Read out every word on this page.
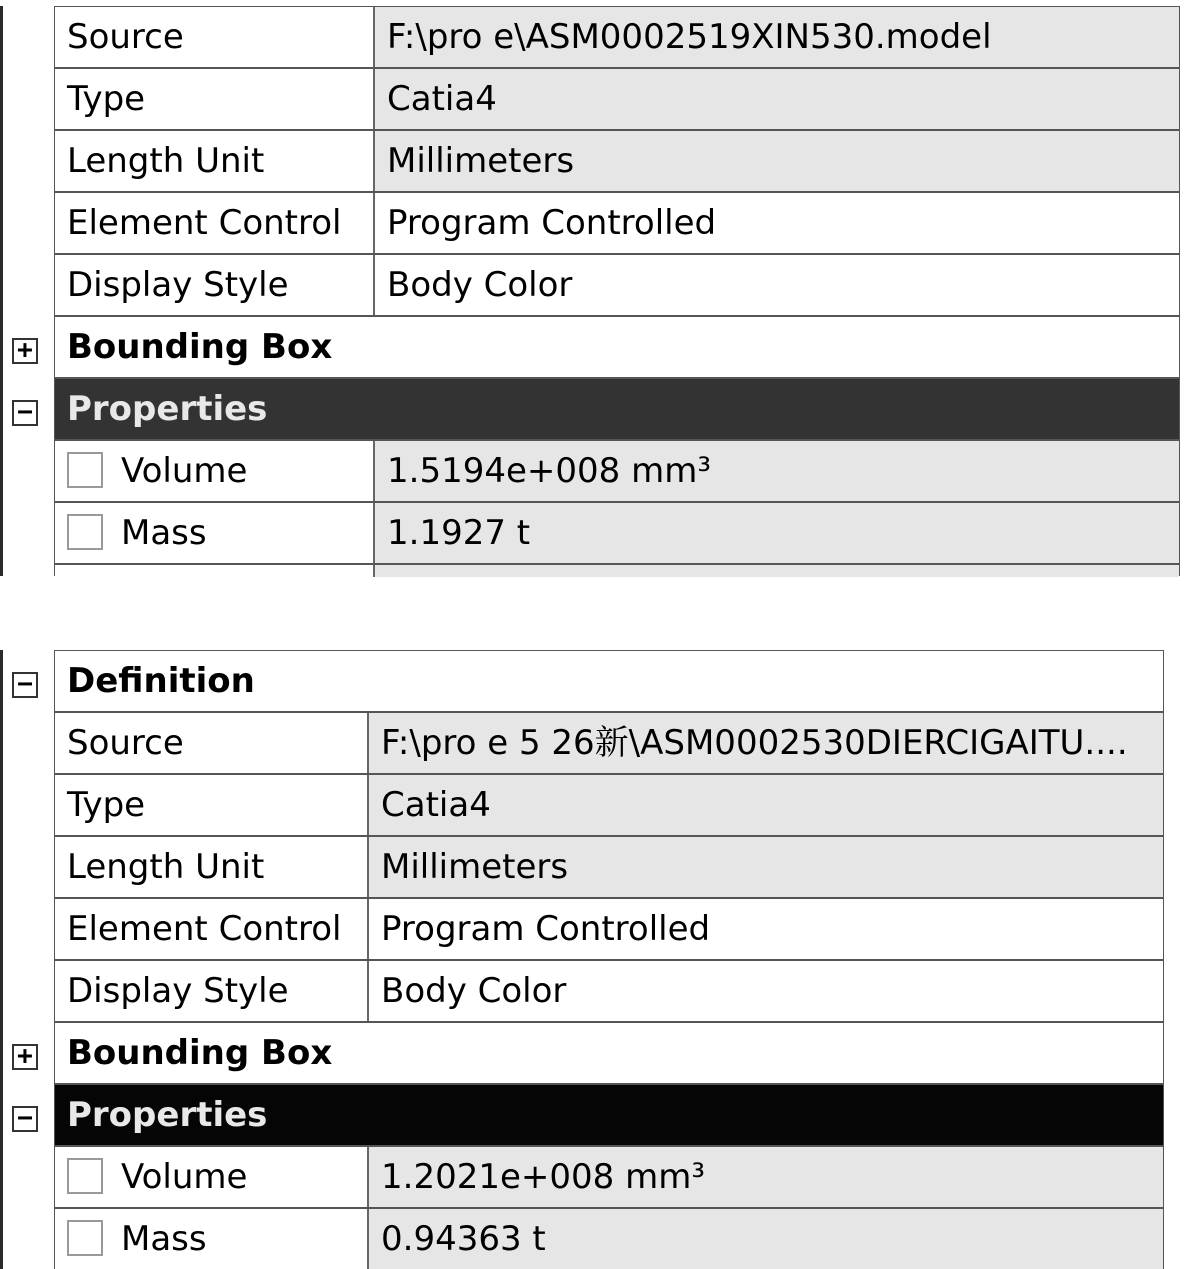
Source	F:\pro e\ASM0002519XIN530.model
Type	Catia4
Length Unit	Millimeters
Element Control	Program Controlled
Display Style	Body Color
+	Bounding Box
−	Properties
Volume	1.5194e+008 mm³
Mass	1.1927 t
−	Definition
Source	F:\pro e 5 26新\ASM0002530DIERCIGAITU....
Type	Catia4
Length Unit	Millimeters
Element Control	Program Controlled
Display Style	Body Color
+	Bounding Box
−	Properties
Volume	1.2021e+008 mm³
Mass	0.94363 t
